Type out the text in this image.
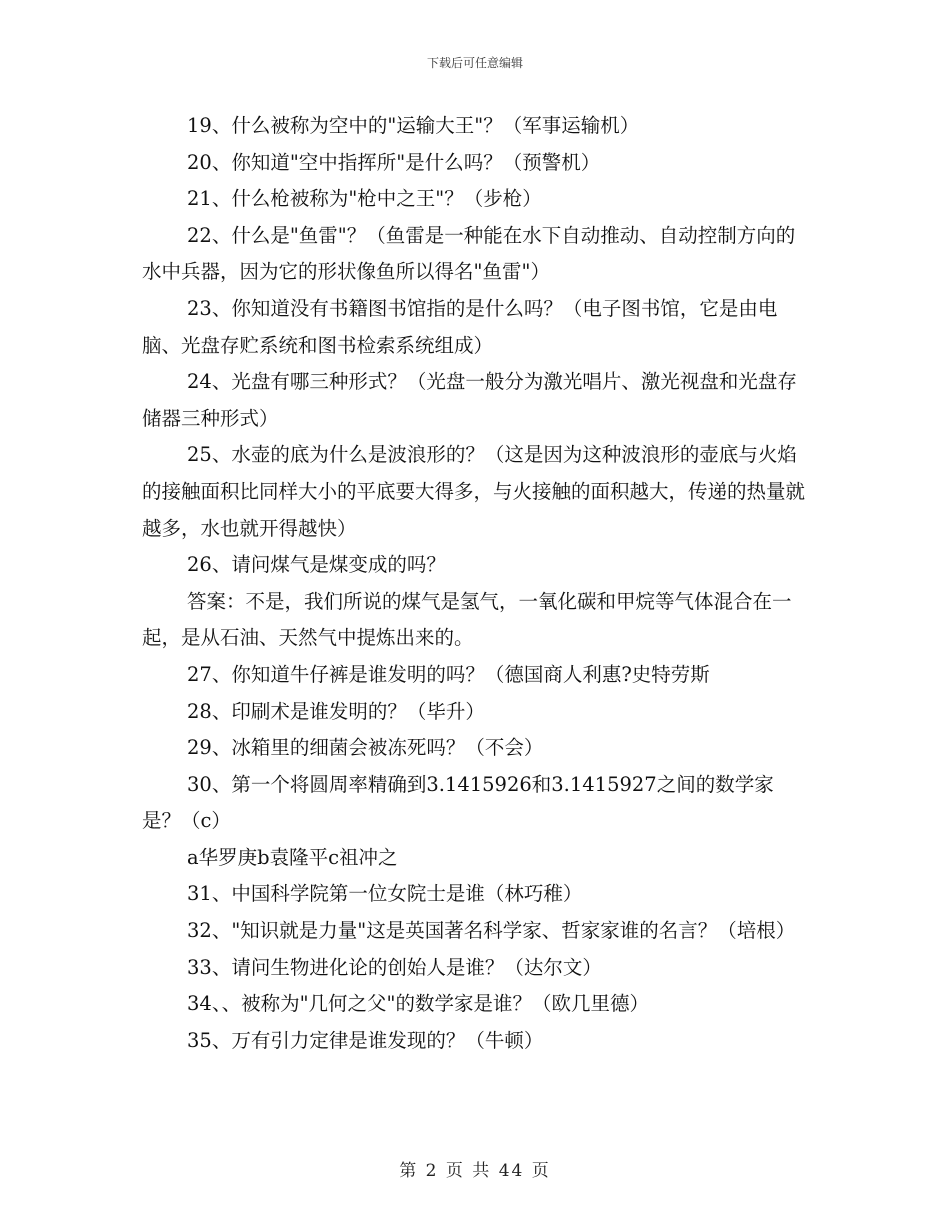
下载后可任意编辑

19、什么被称为空中的"运输大王"？（军事运输机）

20、你知道"空中指挥所"是什么吗？（预警机）

21、什么枪被称为"枪中之王"？（步枪）

22、什么是"鱼雷"？（鱼雷是一种能在水下自动推动、自动控制方向的水中兵器，因为它的形状像鱼所以得名"鱼雷"）

23、你知道没有书籍图书馆指的是什么吗？（电子图书馆，它是由电脑、光盘存贮系统和图书检索系统组成）

24、光盘有哪三种形式？（光盘一般分为激光唱片、激光视盘和光盘存储器三种形式）

25、水壶的底为什么是波浪形的？（这是因为这种波浪形的壶底与火焰的接触面积比同样大小的平底要大得多，与火接触的面积越大，传递的热量就越多，水也就开得越快）

26、请问煤气是煤变成的吗？

答案：不是，我们所说的煤气是氢气，一氧化碳和甲烷等气体混合在一起，是从石油、天然气中提炼出来的。

27、你知道牛仔裤是谁发明的吗？（德国商人利惠?史特劳斯

28、印刷术是谁发明的？（毕升）

29、冰箱里的细菌会被冻死吗？（不会）

30、第一个将圆周率精确到3.1415926和3.1415927之间的数学家是？（c）

a华罗庚b袁隆平c祖冲之

31、中国科学院第一位女院士是谁（林巧稚）

32、"知识就是力量"这是英国著名科学家、哲家家谁的名言？（培根）

33、请问生物进化论的创始人是谁？（达尔文）

34、、被称为"几何之父"的数学家是谁？（欧几里德）

35、万有引力定律是谁发现的？（牛顿）

第 2 页 共 44 页
